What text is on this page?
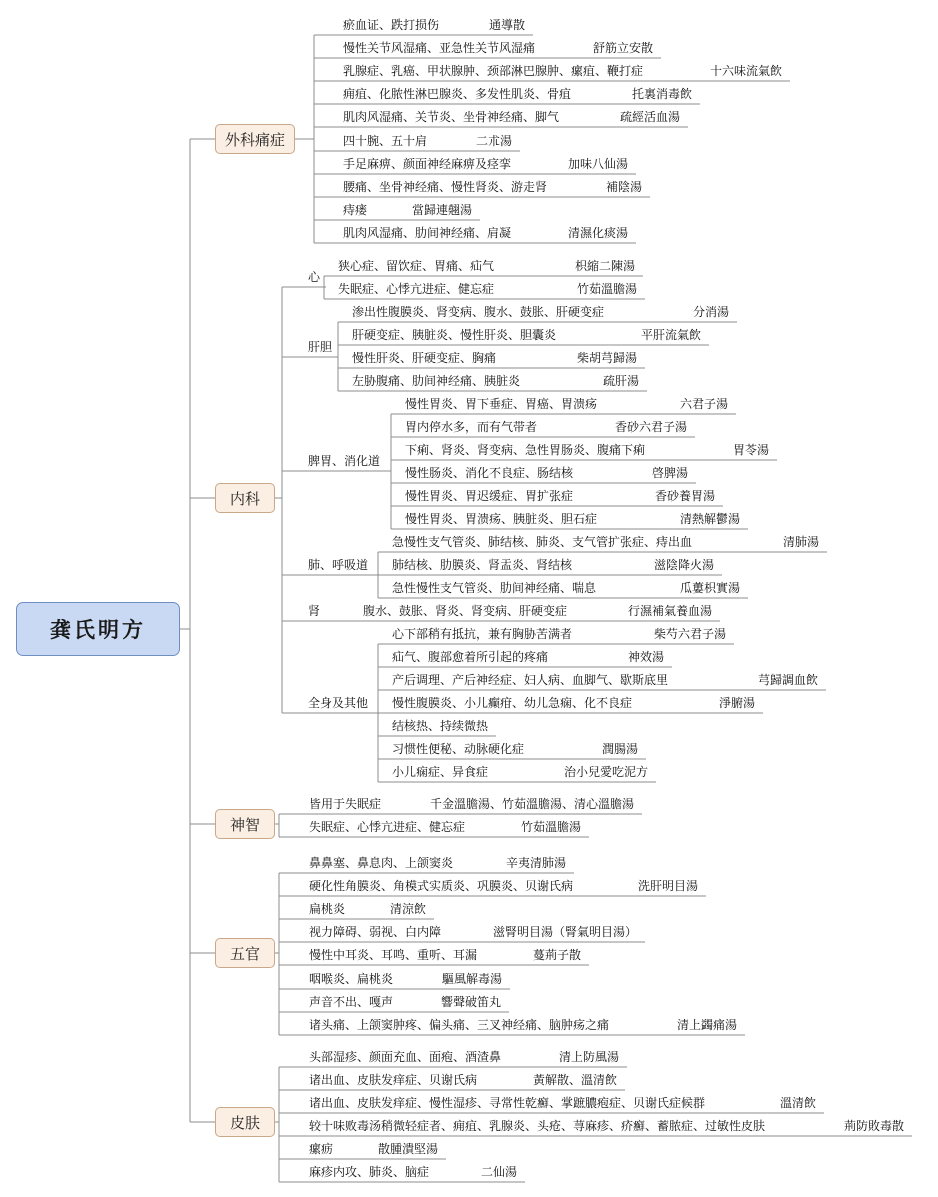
龚氏明方
外科痛症
瘀血证、跌打损伤	通導散
慢性关节风湿痛、亚急性关节风湿痛	舒筋立安散
乳腺症、乳癌、甲状腺肿、颈部淋巴腺肿、瘰疽、鞭打症	十六味流氣飲
痈疽、化脓性淋巴腺炎、多发性肌炎、骨疽	托裏消毒飲
肌肉风湿痛、关节炎、坐骨神经痛、脚气	疏經活血湯
四十腕、五十肩	二朮湯
手足麻痹、颜面神经麻痹及痉挛	加味八仙湯
腰痛、坐骨神经痛、慢性肾炎、游走肾	補陰湯
痔瘘	當歸連翹湯
肌肉风湿痛、肋间神经痛、肩凝	清濕化痰湯
内科
心
狭心症、留饮症、胃痛、疝气	枳縮二陳湯
失眠症、心悸亢进症、健忘症	竹茹溫膽湯
肝胆
渗出性腹膜炎、肾变病、腹水、鼓胀、肝硬变症	分消湯
肝硬变症、胰脏炎、慢性肝炎、胆囊炎	平肝流氣飲
慢性肝炎、肝硬变症、胸痛	柴胡芎歸湯
左胁腹痛、肋间神经痛、胰脏炎	疏肝湯
脾胃、消化道
慢性胃炎、胃下垂症、胃癌、胃溃疡	六君子湯
胃内停水多，而有气带者	香砂六君子湯
下痢、肾炎、肾变病、急性胃肠炎、腹痛下痢	胃苓湯
慢性肠炎、消化不良症、肠结核	啓脾湯
慢性胃炎、胃迟缓症、胃扩张症	香砂養胃湯
慢性胃炎、胃溃疡、胰脏炎、胆石症	清熱解鬱湯
肺、呼吸道
急慢性支气管炎、肺结核、肺炎、支气管扩张症、痔出血	清肺湯
肺结核、肋膜炎、肾盂炎、肾结核	滋陰降火湯
急性慢性支气管炎、肋间神经痛、喘息	瓜蔞枳實湯
肾	腹水、鼓胀、肾炎、肾变病、肝硬变症	行濕補氣養血湯
全身及其他
心下部稍有抵抗，兼有胸胁苦满者	柴芍六君子湯
疝气、腹部愈着所引起的疼痛	神效湯
产后调理、产后神经症、妇人病、血脚气、歇斯底里	芎歸調血飲
慢性腹膜炎、小儿癫疳、幼儿急痫、化不良症	淨腑湯
结核热、持续微热
习惯性便秘、动脉硬化症	潤腸湯
小儿痫症、异食症	治小兒愛吃泥方
神智
皆用于失眠症	千金溫膽湯、竹茹溫膽湯、清心溫膽湯
失眠症、心悸亢进症、健忘症	竹茹溫膽湯
五官
鼻鼻塞、鼻息肉、上颌窦炎	辛夷清肺湯
硬化性角膜炎、角模式实质炎、巩膜炎、贝谢氏病	洗肝明目湯
扁桃炎	清涼飲
视力障碍、弱视、白内障	滋腎明目湯（腎氣明目湯）
慢性中耳炎、耳鸣、重听、耳漏	蔓荊子散
咽喉炎、扁桃炎	驅風解毒湯
声音不出、嘎声	響聲破笛丸
诸头痛、上颌窦肿疼、偏头痛、三叉神经痛、脑肿疡之痛	清上蠲痛湯
皮肤
头部湿疹、颜面充血、面疱、酒渣鼻	清上防風湯
诸出血、皮肤发痒症、贝谢氏病	黃解散、溫清飲
诸出血、皮肤发痒症、慢性湿疹、寻常性乾癬、掌蹠膿疱症、贝谢氏症候群	溫清飲
较十味败毒汤稍微轻症者、痈疽、乳腺炎、头疮、荨麻疹、疥癬、蓄脓症、过敏性皮肤	荊防敗毒散
瘰疬	散腫潰堅湯
麻疹内攻、肺炎、脑症	二仙湯
